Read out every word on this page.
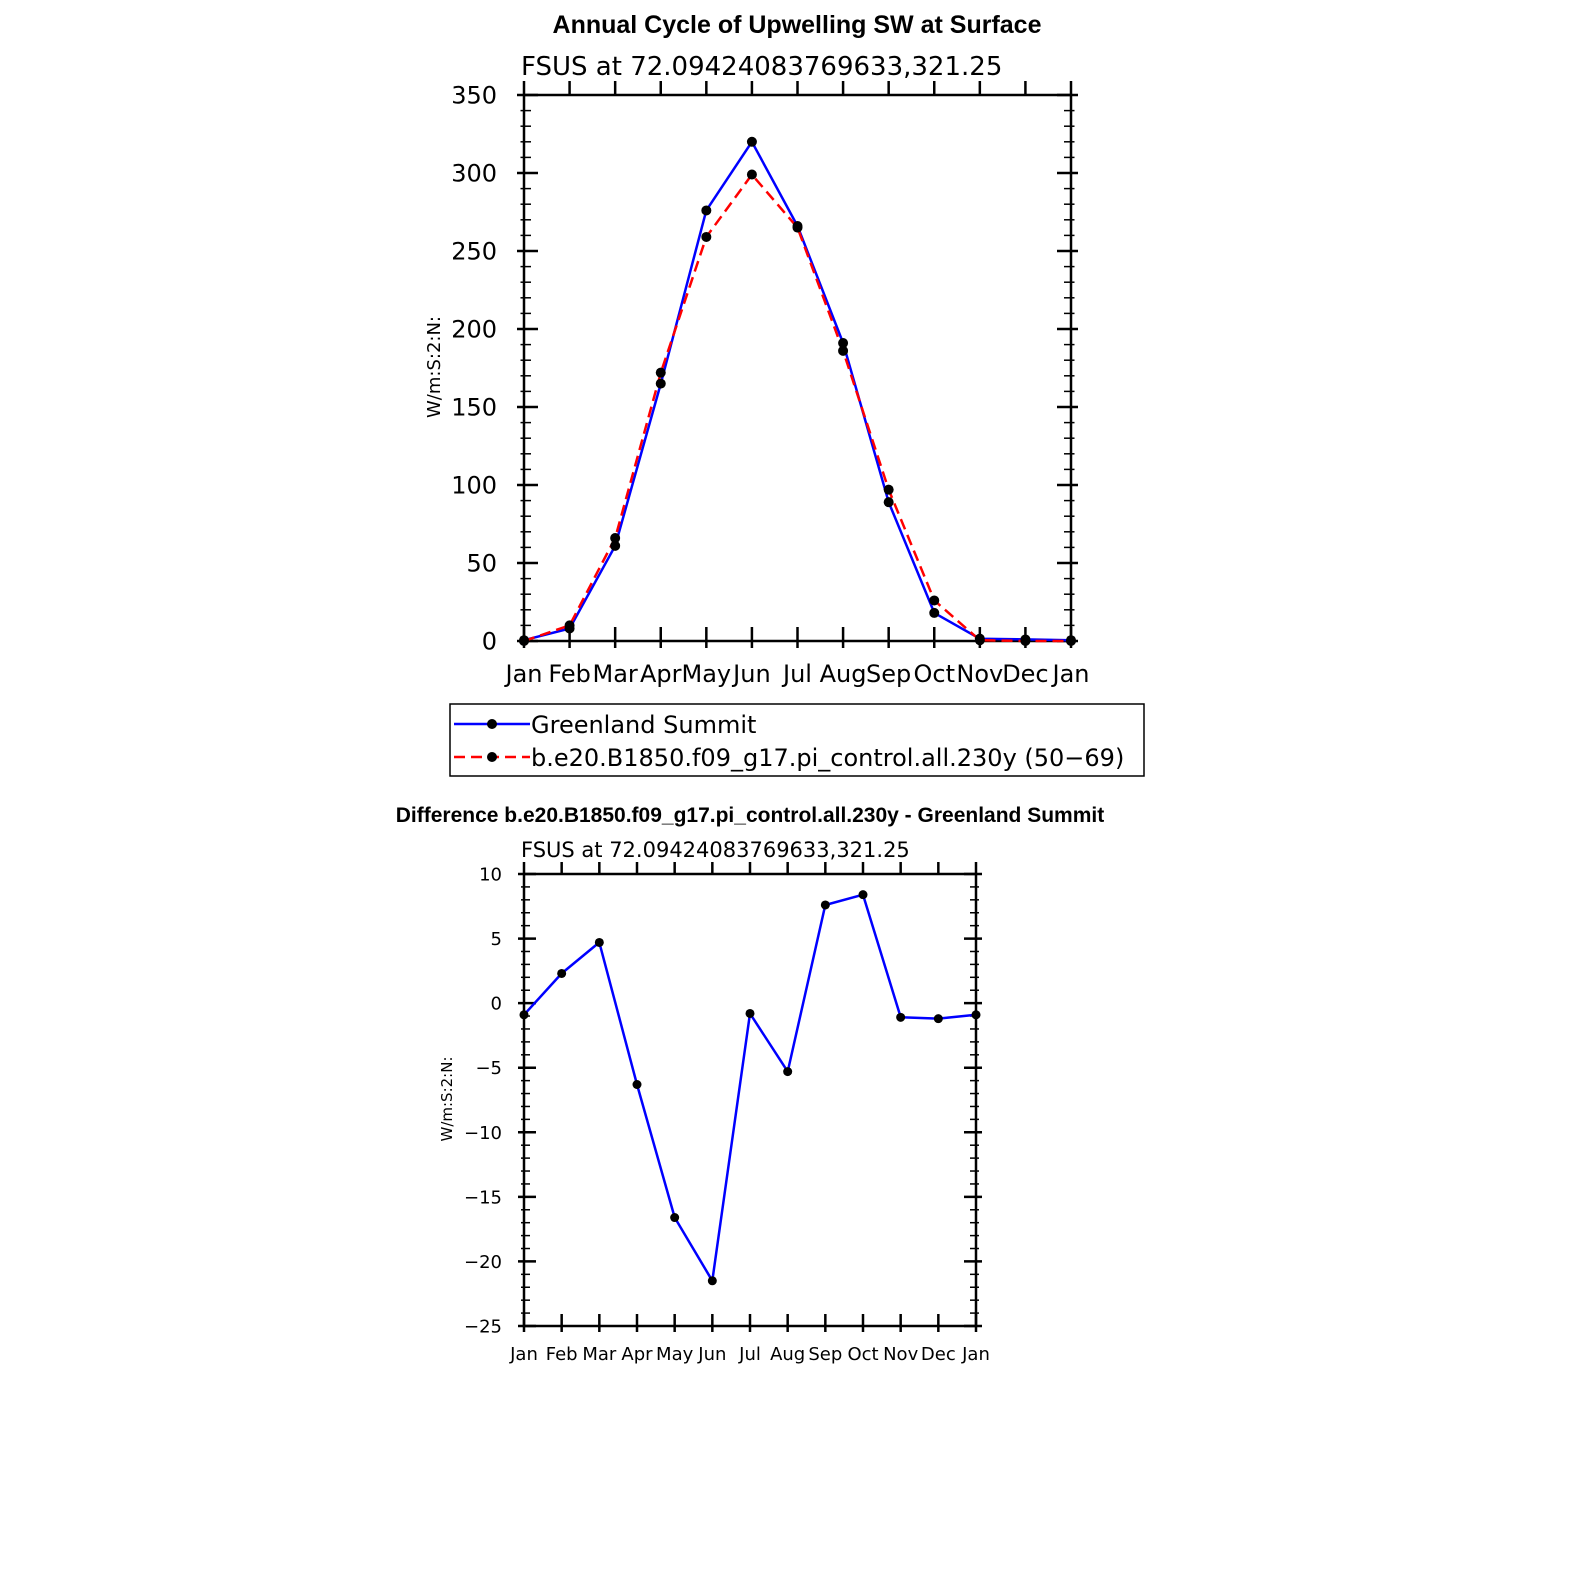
Annual Cycle of Upwelling SW at Surface
FSUS at 72.09424083769633,321.25
W/m:S:2:N:
Jan Feb Mar Apr May Jun Jul Aug Sep Oct Nov
Dec Jan
0
50
100
150
200
250
300
350
Greenland Summit
b.e20.B1850.f09_g17.pi_control.all.230y (50−69)
Difference b.e20.B1850.f09_g17.pi_control.all.230y - Greenland Summit
FSUS at 72.09424083769633,321.25
W/m:S:2:N:
Jan Feb Mar Apr May Jun Jul Aug Sep Oct Nov Dec Jan
10
5
0
−5
−10
−15
−20
−25
